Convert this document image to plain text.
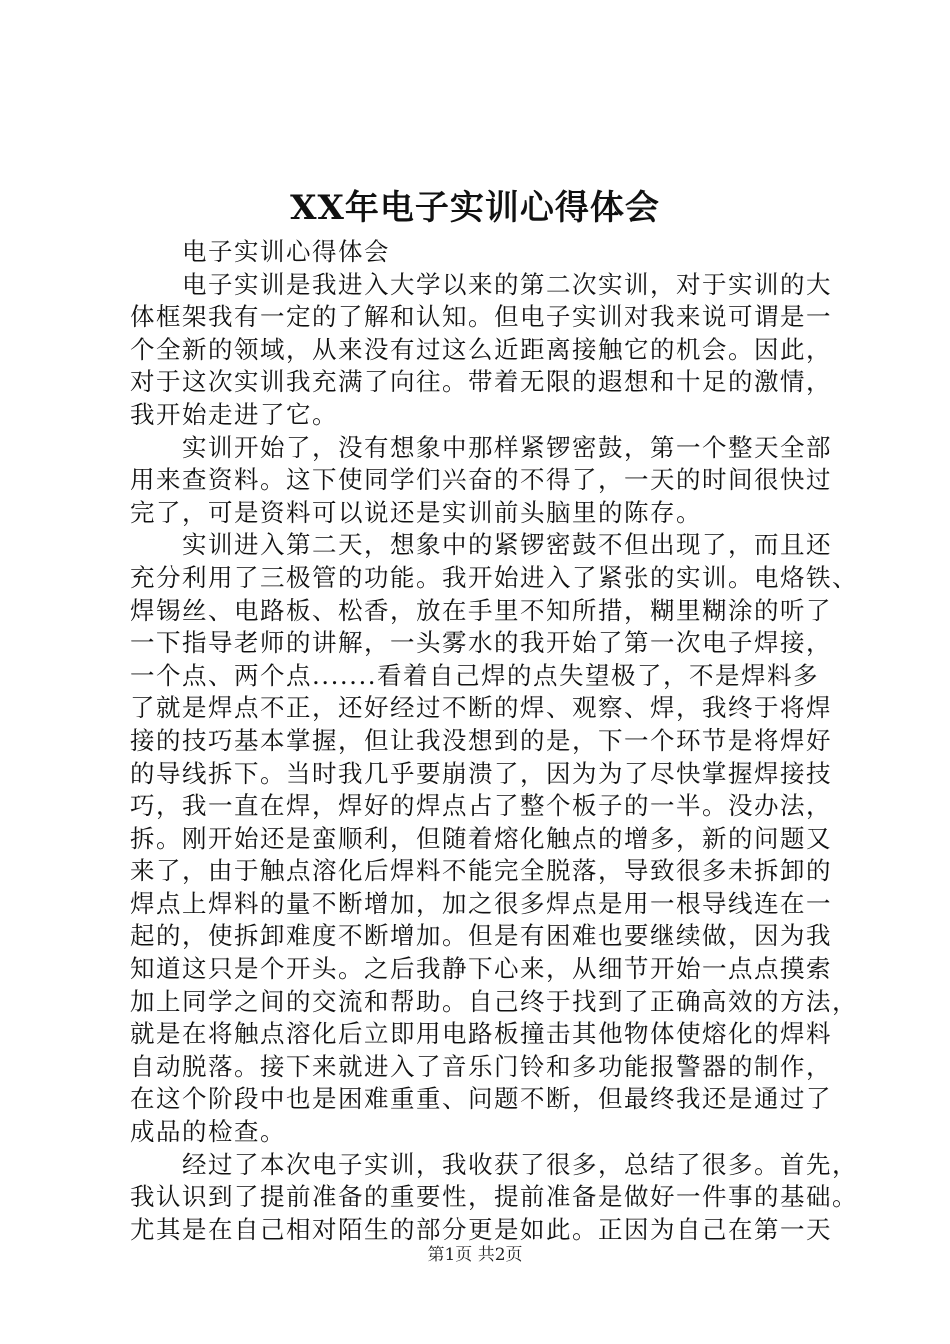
XX年电子实训心得体会
电子实训心得体会
电子实训是我进入大学以来的第二次实训，对于实训的大
体框架我有一定的了解和认知。但电子实训对我来说可谓是一
个全新的领域，从来没有过这么近距离接触它的机会。因此，
对于这次实训我充满了向往。带着无限的遐想和十足的激情，
我开始走进了它。
实训开始了，没有想象中那样紧锣密鼓，第一个整天全部
用来查资料。这下使同学们兴奋的不得了，一天的时间很快过
完了，可是资料可以说还是实训前头脑里的陈存。
实训进入第二天，想象中的紧锣密鼓不但出现了，而且还
充分利用了三极管的功能。我开始进入了紧张的实训。电烙铁、
焊锡丝、电路板、松香，放在手里不知所措，糊里糊涂的听了
一下指导老师的讲解，一头雾水的我开始了第一次电子焊接，
一个点、两个点.......看着自己焊的点失望极了，不是焊料多
了就是焊点不正，还好经过不断的焊、观察、焊，我终于将焊
接的技巧基本掌握，但让我没想到的是，下一个环节是将焊好
的导线拆下。当时我几乎要崩溃了，因为为了尽快掌握焊接技
巧，我一直在焊，焊好的焊点占了整个板子的一半。没办法，
拆。刚开始还是蛮顺利，但随着熔化触点的增多，新的问题又
来了，由于触点溶化后焊料不能完全脱落，导致很多未拆卸的
焊点上焊料的量不断增加，加之很多焊点是用一根导线连在一
起的，使拆卸难度不断增加。但是有困难也要继续做，因为我
知道这只是个开头。之后我静下心来，从细节开始一点点摸索
加上同学之间的交流和帮助。自己终于找到了正确高效的方法，
就是在将触点溶化后立即用电路板撞击其他物体使熔化的焊料
自动脱落。接下来就进入了音乐门铃和多功能报警器的制作，
在这个阶段中也是困难重重、问题不断，但最终我还是通过了
成品的检查。
经过了本次电子实训，我收获了很多，总结了很多。首先，
我认识到了提前准备的重要性，提前准备是做好一件事的基础。
尤其是在自己相对陌生的部分更是如此。正因为自己在第一天
第1页 共2页
